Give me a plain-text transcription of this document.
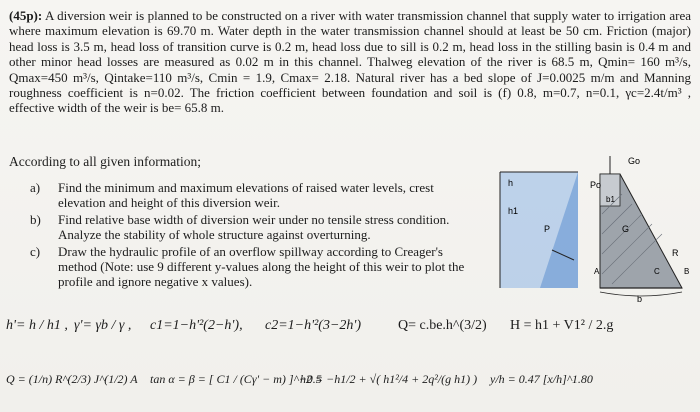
(45p): A diversion weir is planned to be constructed on a river with water transmission channel that supply water to irrigation area where maximum elevation is 69.70 m. Water depth in the water transmission channel should at least be 50 cm. Friction (major) head loss is 3.5 m, head loss of transition curve is 0.2 m, head loss due to sill is 0.2 m, head loss in the stilling basin is 0.4 m and other minor head losses are measured as 0.02 m in this channel. Thalweg elevation of the river is 68.5 m, Qmin= 160 m³/s, Qmax=450 m³/s, Qintake=110 m³/s, Cmin = 1.9, Cmax= 2.18. Natural river has a bed slope of J=0.0025 m/m and Manning roughness coefficient is n=0.02. The friction coefficient between foundation and soil is (f) 0.8, m=0.7, n=0.1, γc=2.4t/m³ , effective width of the weir is be= 65.8 m.
According to all given information;
a) Find the minimum and maximum elevations of raised water levels, crest elevation and height of this diversion weir.
b) Find relative base width of diversion weir under no tensile stress condition. Analyze the stability of whole structure against overturning.
c) Draw the hydraulic profile of an overflow spillway according to Creager's method (Note: use 9 different y-values along the height of this weir to plot the profile and ignore negative x values).
h'= h / h1 , γ'= γb / γ , c1=1−h'²(2−h'), c2=1−h'²(3−2h')	Q= c.be.h^(3/2) H = h1 + V1² / 2.g
Q = (1/n) R^(2/3) J^(1/2) A tan α = β = [ C1 / (Cγ' − m) ]^−0.5
h2 = −h1/2 + √( h1²/4 + 2q²/(g h1) ) y/h = 0.47 [x/h]^1.80
h
h1
P
Po
Go
b1
G
R
A	C	B
b
